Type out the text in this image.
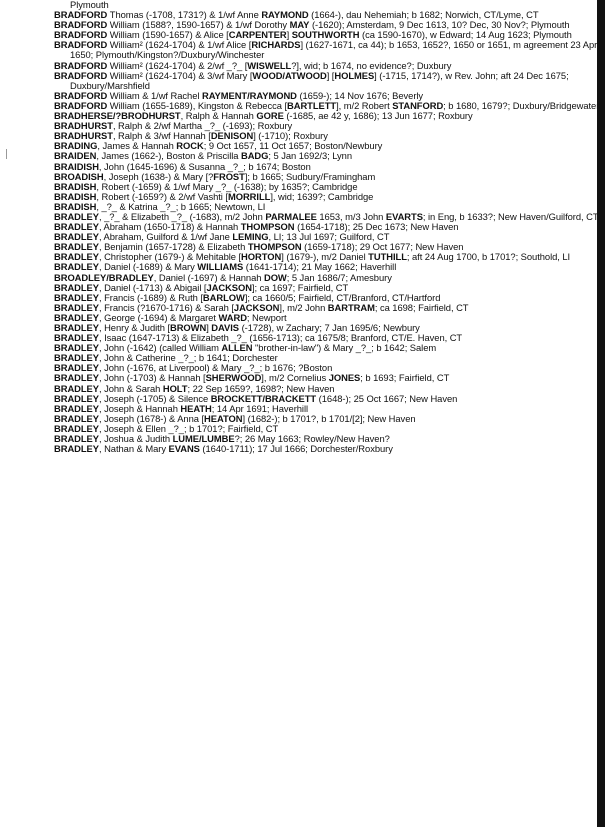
Plymouth

BRADFORD Thomas (-1708, 1731?) & 1/wf Anne RAYMOND (1664-), dau Nehemiah; b 1682; Norwich, CT/Lyme, CT

BRADFORD William (1588?, 1590-1657) & 1/wf Dorothy MAY (-1620); Amsterdam, 9 Dec 1613, 10? Dec, 30 Nov?; Plymouth

BRADFORD William (1590-1657) & Alice [CARPENTER] SOUTHWORTH (ca 1590-1670), w Edward; 14 Aug 1623; Plymouth

BRADFORD William² (1624-1704) & 1/wf Alice [RICHARDS] (1627-1671, ca 44); b 1653, 1652?, 1650 or 1651, m agreement 23 Apr 1650; Plymouth/Kingston?/Duxbury/Winchester

BRADFORD William² (1624-1704) & 2/wf _?_ [WISWELL?], wid; b 1674, no evidence?; Duxbury

BRADFORD William² (1624-1704) & 3/wf Mary [WOOD/ATWOOD] [HOLMES] (-1715, 1714?), w Rev. John; aft 24 Dec 1675; Duxbury/Marshfield

BRADFORD William & 1/wf Rachel RAYMENT/RAYMOND (1659-); 14 Nov 1676; Beverly

BRADFORD William (1655-1689), Kingston & Rebecca [BARTLETT], m/2 Robert STANFORD; b 1680, 1679?; Duxbury/Bridgewater

BRADHERSE/?BRODHURST, Ralph & Hannah GORE (-1685, ae 42 y, 1686); 13 Jun 1677; Roxbury

BRADHURST, Ralph & 2/wf Martha _?_ (-1693); Roxbury

BRADHURST, Ralph & 3/wf Hannah [DENISON] (-1710); Roxbury

BRADING, James & Hannah ROCK; 9 Oct 1657, 11 Oct 1657; Boston/Newbury

BRAIDEN, James (1662-), Boston & Priscilla BADG; 5 Jan 1692/3; Lynn

BRAIDISH, John (1645-1696) & Susanna _?_; b 1674; Boston

BROADISH, Joseph (1638-) & Mary [?FROST]; b 1665; Sudbury/Framingham

BRADISH, Robert (-1659) & 1/wf Mary _?_ (-1638); by 1635?; Cambridge

BRADISH, Robert (-1659?) & 2/wf Vashti [MORRILL], wid; 1639?; Cambridge

BRADISH, _?_ & Katrina _?_; b 1665; Newtown, LI

BRADLEY, _?_ & Elizabeth _?_ (-1683), m/2 John PARMALEE 1653, m/3 John EVARTS; in Eng, b 1633?; New Haven/Guilford, CT

BRADLEY, Abraham (1650-1718) & Hannah THOMPSON (1654-1718); 25 Dec 1673; New Haven

BRADLEY, Abraham, Guilford & 1/wf Jane LEMING, LI; 13 Jul 1697; Guilford, CT

BRADLEY, Benjamin (1657-1728) & Elizabeth THOMPSON (1659-1718); 29 Oct 1677; New Haven

BRADLEY, Christopher (1679-) & Mehitable [HORTON] (1679-), m/2 Daniel TUTHILL; aft 24 Aug 1700, b 1701?; Southold, LI

BRADLEY, Daniel (-1689) & Mary WILLIAMS (1641-1714); 21 May 1662; Haverhill

BROADLEY/BRADLEY, Daniel (-1697) & Hannah DOW; 5 Jan 1686/7; Amesbury

BRADLEY, Daniel (-1713) & Abigail [JACKSON]; ca 1697; Fairfield, CT

BRADLEY, Francis (-1689) & Ruth [BARLOW]; ca 1660/5; Fairfield, CT/Branford, CT/Hartford

BRADLEY, Francis (?1670-1716) & Sarah [JACKSON], m/2 John BARTRAM; ca 1698; Fairfield, CT

BRADLEY, George (-1694) & Margaret WARD; Newport

BRADLEY, Henry & Judith [BROWN] DAVIS (-1728), w Zachary; 7 Jan 1695/6; Newbury

BRADLEY, Isaac (1647-1713) & Elizabeth _?_ (1656-1713); ca 1675/8; Branford, CT/E. Haven, CT

BRADLEY, John (-1642) (called William ALLEN "brother-in-law") & Mary _?_; b 1642; Salem

BRADLEY, John & Catherine _?_; b 1641; Dorchester

BRADLEY, John (-1676, at Liverpool) & Mary _?_; b 1676; ?Boston

BRADLEY, John (-1703) & Hannah [SHERWOOD], m/2 Cornelius JONES; b 1693; Fairfield, CT

BRADLEY, John & Sarah HOLT; 22 Sep 1659?, 1698?; New Haven

BRADLEY, Joseph (-1705) & Silence BROCKETT/BRACKETT (1648-); 25 Oct 1667; New Haven

BRADLEY, Joseph & Hannah HEATH; 14 Apr 1691; Haverhill

BRADLEY, Joseph (1678-) & Anna [HEATON] (1682-); b 1701?, b 1701/[2]; New Haven

BRADLEY, Joseph & Ellen _?_; b 1701?; Fairfield, CT

BRADLEY, Joshua & Judith LUME/LUMBE?; 26 May 1663; Rowley/New Haven?

BRADLEY, Nathan & Mary EVANS (1640-1711); 17 Jul 1666; Dorchester/Roxbury
